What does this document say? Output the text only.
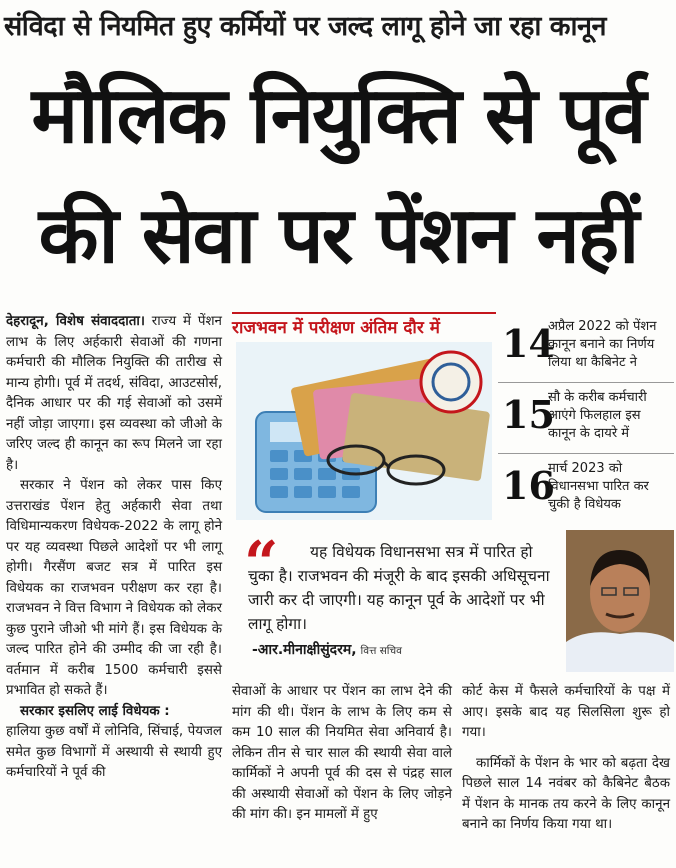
संविदा से नियमित हुए कर्मियों पर जल्द लागू होने जा रहा कानून
मौलिक नियुक्ति से पूर्व
की सेवा पर पेंशन नहीं

देहरादून, विशेष संवाददाता। राज्य में पेंशन लाभ के लिए अर्हकारी सेवाओं की गणना कर्मचारी की मौलिक नियुक्ति की तारीख से मान्य होगी। पूर्व में तदर्थ, संविदा, आउटसोर्स, दैनिक आधार पर की गई सेवाओं को उसमें नहीं जोड़ा जाएगा। इस व्यवस्था को जीओ के जरिए जल्द ही कानून का रूप मिलने जा रहा है।

सरकार ने पेंशन को लेकर पास किए उत्तराखंड पेंशन हेतु अर्हकारी सेवा तथा विधिमान्यकरण विधेयक-2022 के लागू होने पर यह व्यवस्था पिछले आदेशों पर भी लागू होगी। गैरसैंण बजट सत्र में पारित इस विधेयक का राजभवन परीक्षण कर रहा है। राजभवन ने वित्त विभाग ने विधेयक को लेकर कुछ पुराने जीओ भी मांगे हैं। इस विधेयक के जल्द पारित होने की उम्मीद की जा रही है। वर्तमान में करीब 1500 कर्मचारी इससे प्रभावित हो सकते हैं।

सरकार इसलिए लाई विधेयक :

हालिया कुछ वर्षों में लोनिवि, सिंचाई, पेयजल समेत कुछ विभागों में अस्थायी से स्थायी हुए कर्मचारियों ने पूर्व की

राजभवन में परीक्षण अंतिम दौर में 14
अप्रैल 2022 को पेंशन कानून बनाने का निर्णय लिया था कैबिनेट ने
15
सौ के करीब कर्मचारी आएंगे फिलहाल इस कानून के दायरे में
16
मार्च 2023 को विधानसभा पारित कर चुकी है विधेयक
“	यह विधेयक विधानसभा सत्र में पारित हो चुका है। राजभवन की मंजूरी के बाद इसकी अधिसूचना जारी कर दी जाएगी। यह कानून पूर्व के आदेशों पर भी लागू होगा।
-आर.मीनाक्षीसुंदरम, वित्त सचिव

सेवाओं के आधार पर पेंशन का लाभ देने की मांग की थी। पेंशन के लाभ के लिए कम से कम 10 साल की नियमित सेवा अनिवार्य है। लेकिन तीन से चार साल की स्थायी सेवा वाले कार्मिकों ने अपनी पूर्व की दस से पंद्रह साल की अस्थायी सेवाओं को पेंशन के लिए जोड़ने की मांग की। इन मामलों में हुए

कोर्ट केस में फैसले कर्मचारियों के पक्ष में आए। इसके बाद यह सिलसिला शुरू हो गया।

कार्मिकों के पेंशन के भार को बढ़ता देख पिछले साल 14 नवंबर को कैबिनेट बैठक में पेंशन के मानक तय करने के लिए कानून बनाने का निर्णय किया गया था।
